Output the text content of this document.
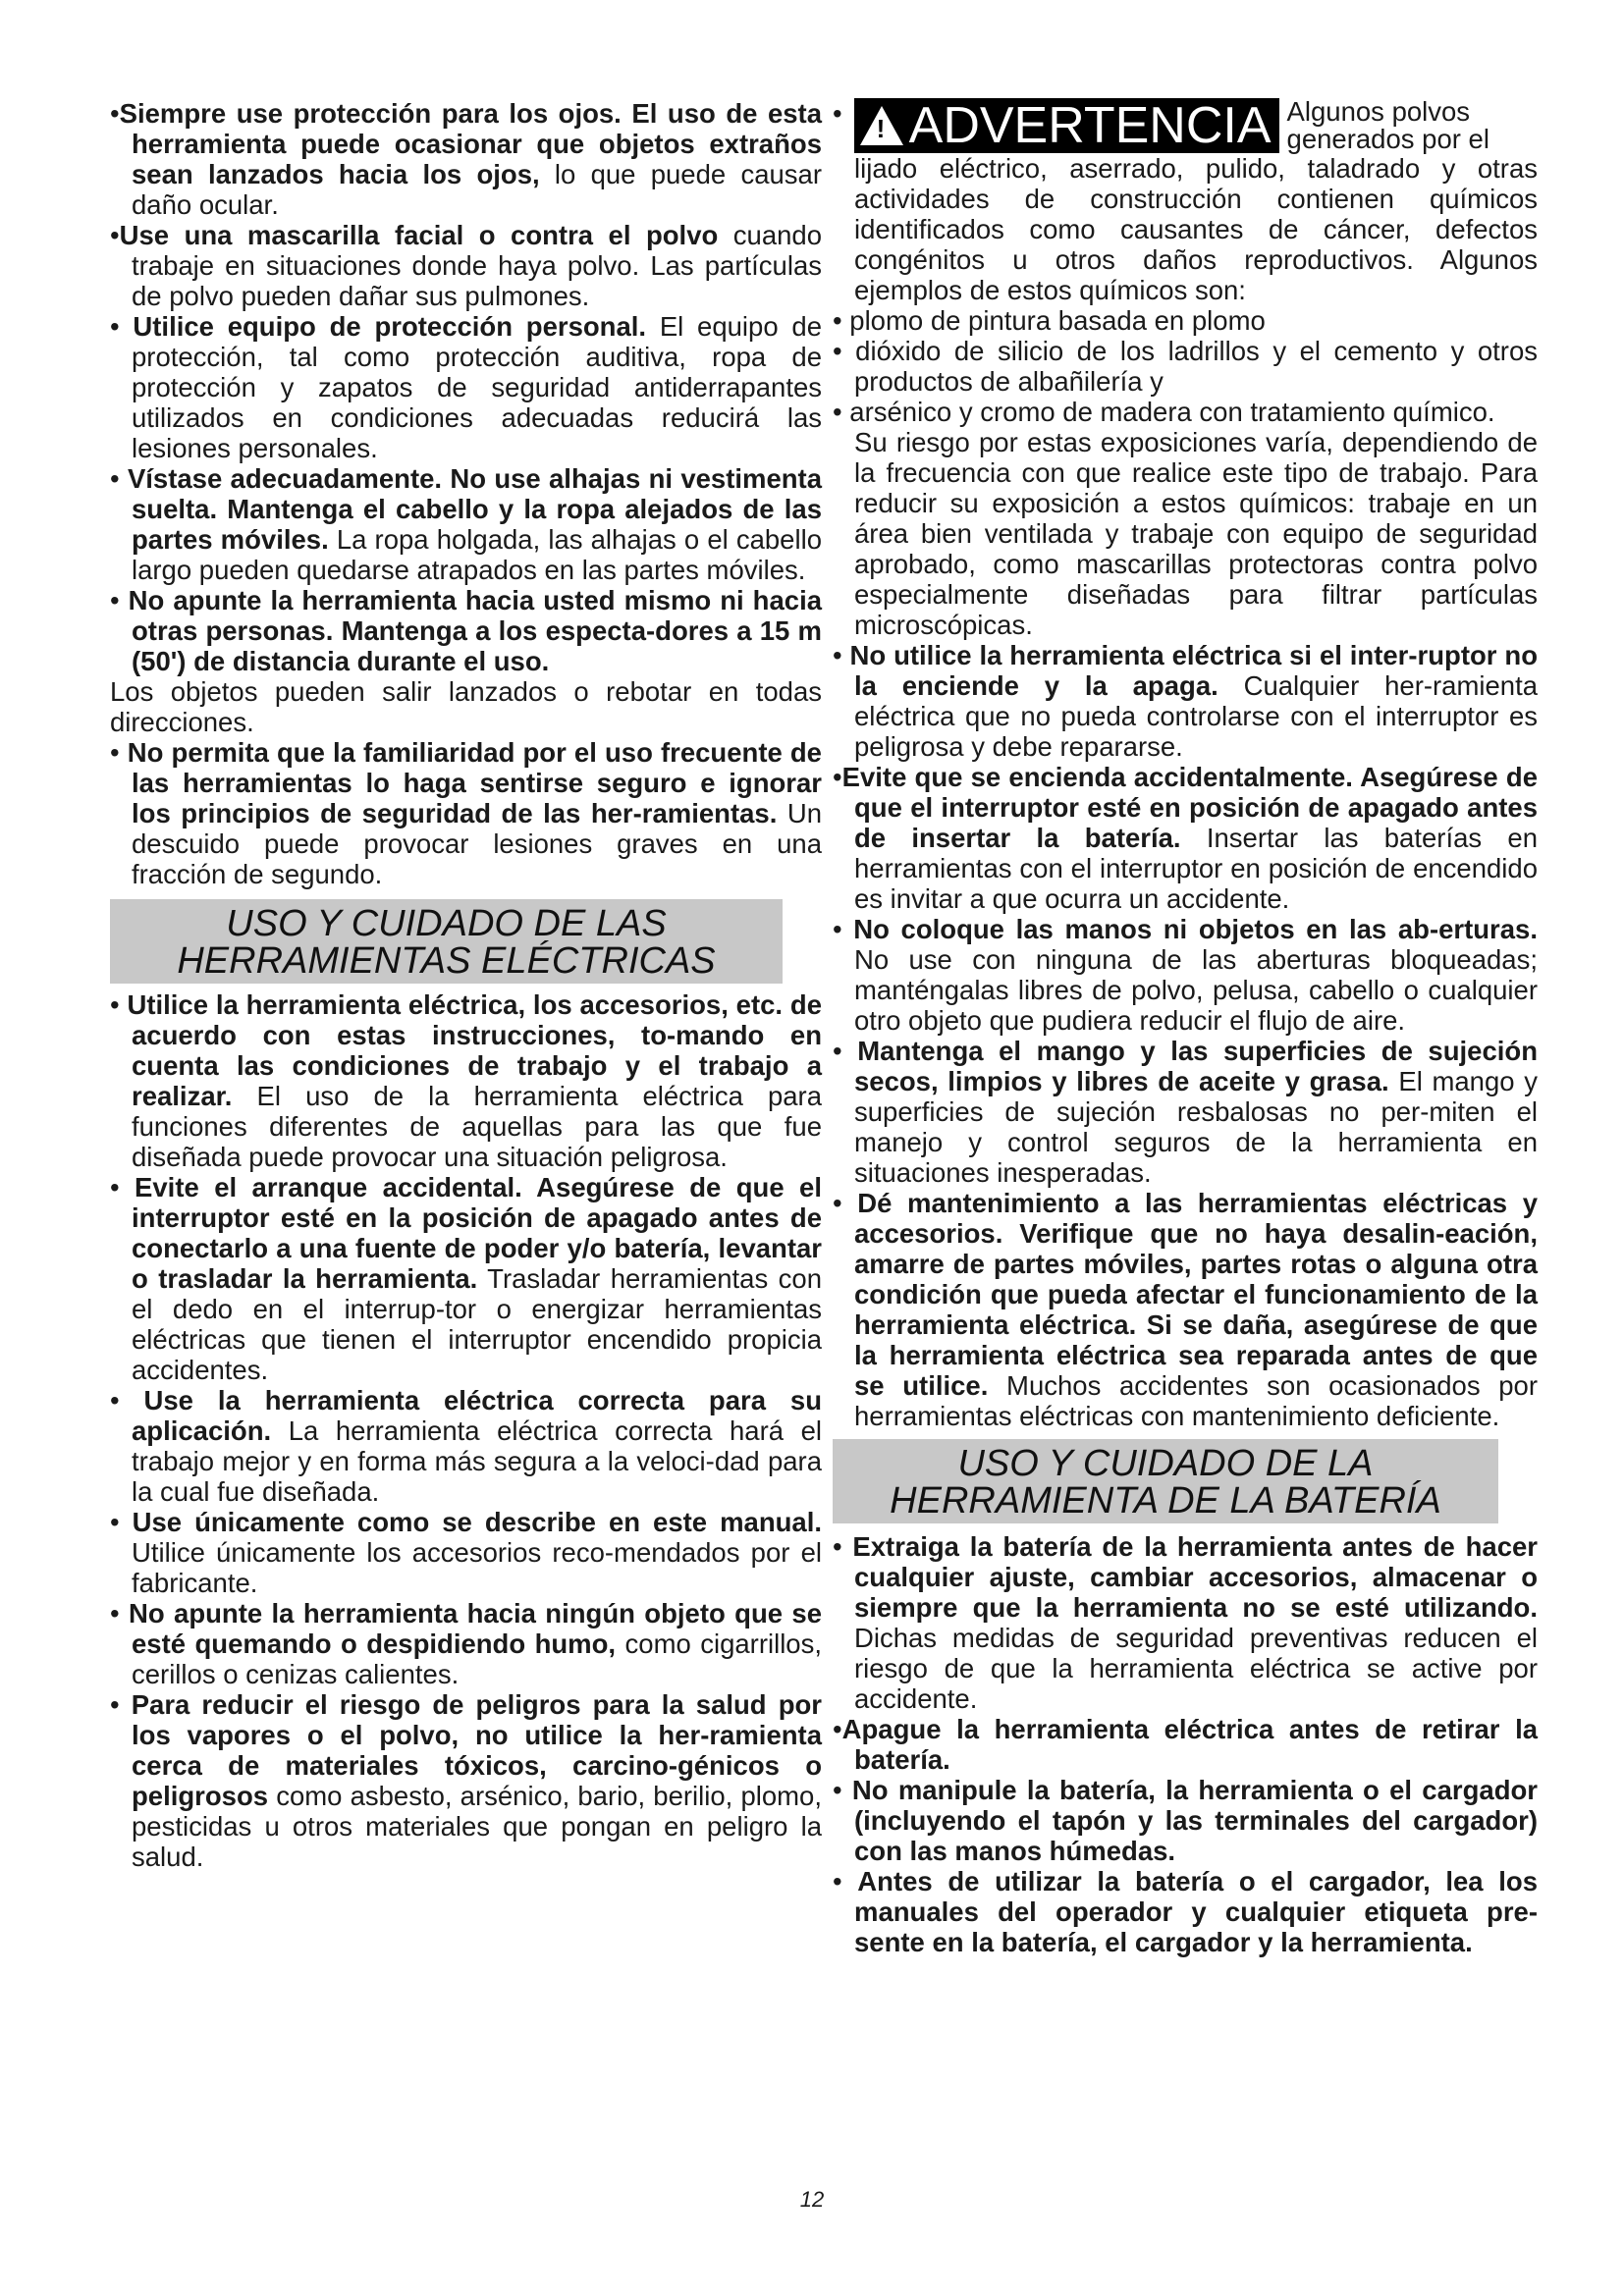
•Siempre use protección para los ojos. El uso de esta herramienta puede ocasionar que objetos extraños sean lanzados hacia los ojos, lo que puede causar daño ocular.

•Use una mascarilla facial o contra el polvo cuando trabaje en situaciones donde haya polvo. Las partículas de polvo pueden dañar sus pulmones.

• Utilice equipo de protección personal. El equipo de protección, tal como protección auditiva, ropa de protección y zapatos de seguridad antiderrapantes utilizados en condiciones adecuadas reducirá las lesiones personales.

• Vístase adecuadamente. No use alhajas ni vestimenta suelta. Mantenga el cabello y la ropa alejados de las partes móviles. La ropa holgada, las alhajas o el cabello largo pueden quedarse atrapados en las partes móviles.

• No apunte la herramienta hacia usted mismo ni hacia otras personas. Mantenga a los especta-dores a 15 m (50') de distancia durante el uso.

Los objetos pueden salir lanzados o rebotar en todas direcciones.

• No permita que la familiaridad por el uso frecuente de las herramientas lo haga sentirse seguro e ignorar los principios de seguridad de las her-ramientas. Un descuido puede provocar lesiones graves en una fracción de segundo.

USO Y CUIDADO DE LAS
HERRAMIENTAS ELÉCTRICAS

• Utilice la herramienta eléctrica, los accesorios, etc. de acuerdo con estas instrucciones, to-mando en cuenta las condiciones de trabajo y el trabajo a realizar. El uso de la herramienta eléctrica para funciones diferentes de aquellas para las que fue diseñada puede provocar una situación peligrosa.

• Evite el arranque accidental. Asegúrese de que el interruptor esté en la posición de apagado antes de conectarlo a una fuente de poder y/o batería, levantar o trasladar la herramienta. Trasladar herramientas con el dedo en el interrup-tor o energizar herramientas eléctricas que tienen el interruptor encendido propicia accidentes.

• Use la herramienta eléctrica correcta para su aplicación. La herramienta eléctrica correcta hará el trabajo mejor y en forma más segura a la veloci-dad para la cual fue diseñada.

• Use únicamente como se describe en este manual. Utilice únicamente los accesorios reco-mendados por el fabricante.

• No apunte la herramienta hacia ningún objeto que se esté quemando o despidiendo humo, como cigarrillos, cerillos o cenizas calientes.

• Para reducir el riesgo de peligros para la salud por los vapores o el polvo, no utilice la her-ramienta cerca de materiales tóxicos, carcino-génicos o peligrosos como asbesto, arsénico, bario, berilio, plomo, pesticidas u otros materiales que pongan en peligro la salud.

• ! ADVERTENCIA Algunos polvos generados por el

lijado eléctrico, aserrado, pulido, taladrado y otras actividades de construcción contienen químicos identificados como causantes de cáncer, defectos congénitos u otros daños reproductivos. Algunos ejemplos de estos químicos son:

• plomo de pintura basada en plomo

• dióxido de silicio de los ladrillos y el cemento y otros productos de albañilería y

• arsénico y cromo de madera con tratamiento químico.

Su riesgo por estas exposiciones varía, dependiendo de la frecuencia con que realice este tipo de trabajo. Para reducir su exposición a estos químicos: trabaje en un área bien ventilada y trabaje con equipo de seguridad aprobado, como mascarillas protectoras contra polvo especialmente diseñadas para filtrar partículas microscópicas.

• No utilice la herramienta eléctrica si el inter-ruptor no la enciende y la apaga. Cualquier her-ramienta eléctrica que no pueda controlarse con el interruptor es peligrosa y debe repararse.

•Evite que se encienda accidentalmente. Asegúrese de que el interruptor esté en posición de apagado antes de insertar la batería. Insertar las baterías en herramientas con el interruptor en posición de encendido es invitar a que ocurra un accidente.

• No coloque las manos ni objetos en las ab-erturas. No use con ninguna de las aberturas bloqueadas; manténgalas libres de polvo, pelusa, cabello o cualquier otro objeto que pudiera reducir el flujo de aire.

• Mantenga el mango y las superficies de sujeción secos, limpios y libres de aceite y grasa. El mango y superficies de sujeción resbalosas no per-miten el manejo y control seguros de la herramienta en situaciones inesperadas.

• Dé mantenimiento a las herramientas eléctricas y accesorios. Verifique que no haya desalin-eación, amarre de partes móviles, partes rotas o alguna otra condición que pueda afectar el funcionamiento de la herramienta eléctrica. Si se daña, asegúrese de que la herramienta eléctrica sea reparada antes de que se utilice. Muchos accidentes son ocasionados por herramientas eléctricas con mantenimiento deficiente.

USO Y CUIDADO DE LA
HERRAMIENTA DE LA BATERÍA

• Extraiga la batería de la herramienta antes de hacer cualquier ajuste, cambiar accesorios, almacenar o siempre que la herramienta no se esté utilizando. Dichas medidas de seguridad preventivas reducen el riesgo de que la herramienta eléctrica se active por accidente.

•Apague la herramienta eléctrica antes de retirar la batería.

• No manipule la batería, la herramienta o el cargador (incluyendo el tapón y las terminales del cargador) con las manos húmedas.

• Antes de utilizar la batería o el cargador, lea los manuales del operador y cualquier etiqueta pre-sente en la batería, el cargador y la herramienta.

12
